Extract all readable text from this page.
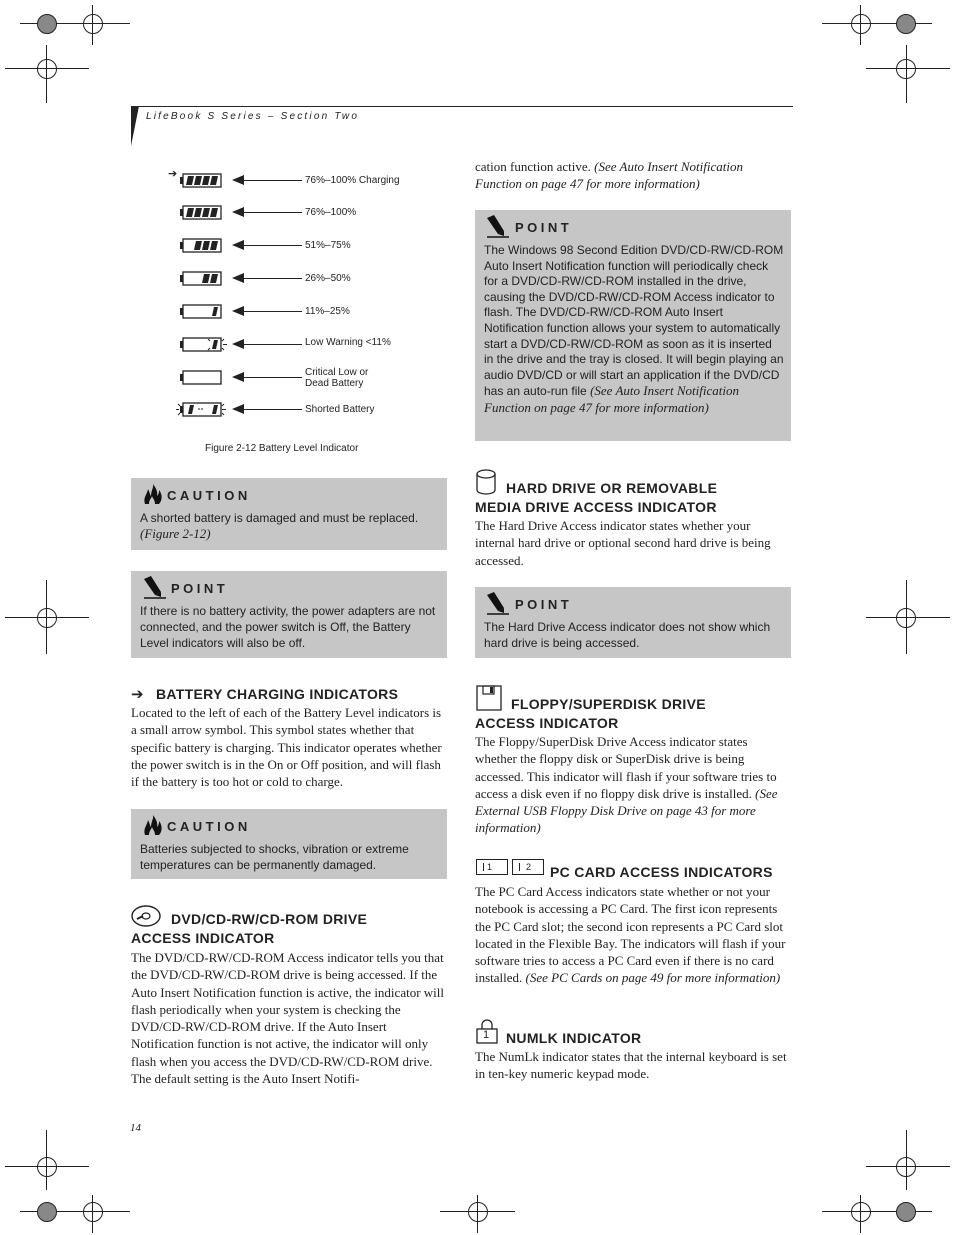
LifeBook S Series – Section Two
➔
76%–100% Charging
76%–100%
51%–75%
26%–50%
11%–25%
Low Warning <11%
Critical Low or
Dead Battery
Shorted Battery
Figure 2-12 Battery Level Indicator
CAUTION
A shorted battery is damaged and must be replaced.
(Figure 2-12)
POINT
If there is no battery activity, the power adapters are not connected, and the power switch is Off, the Battery Level indicators will also be off.
➔ BATTERY CHARGING INDICATORS
Located to the left of each of the Battery Level indicators is a small arrow symbol. This symbol states whether that specific battery is charging. This indicator operates whether the power switch is in the On or Off position, and will flash if the battery is too hot or cold to charge.
CAUTION
Batteries subjected to shocks, vibration or extreme temperatures can be permanently damaged.
DVD/CD-RW/CD-ROM DRIVE
ACCESS INDICATOR
The DVD/CD-RW/CD-ROM Access indicator tells you that the DVD/CD-RW/CD-ROM drive is being accessed. If the Auto Insert Notification function is active, the indicator will flash periodically when your system is checking the DVD/CD-RW/CD-ROM drive. If the Auto Insert Notification function is not active, the indicator will only flash when you access the DVD/CD-RW/CD-ROM drive. The default setting is the Auto Insert Notifi-
cation function active. (See Auto Insert Notification Function on page 47 for more information)
POINT
The Windows 98 Second Edition DVD/CD-RW/CD-ROM Auto Insert Notification function will periodically check for a DVD/CD-RW/CD-ROM installed in the drive, causing the DVD/CD-RW/CD-ROM Access indicator to flash. The DVD/CD-RW/CD-ROM Auto Insert Notification function allows your system to automatically start a DVD/CD-RW/CD-ROM as soon as it is inserted in the drive and the tray is closed. It will begin playing an audio DVD/CD or will start an application if the DVD/CD has an auto-run file (See Auto Insert Notification Function on page 47 for more information)
HARD DRIVE OR REMOVABLE
MEDIA DRIVE ACCESS INDICATOR
The Hard Drive Access indicator states whether your internal hard drive or optional second hard drive is being accessed.
POINT
The Hard Drive Access indicator does not show which hard drive is being accessed.
FLOPPY/SUPERDISK DRIVE
ACCESS INDICATOR
The Floppy/SuperDisk Drive Access indicator states whether the floppy disk or SuperDisk drive is being accessed. This indicator will flash if your software tries to access a disk even if no floppy disk drive is installed. (See External USB Floppy Disk Drive on page 43 for more information)
1	2	PC CARD ACCESS INDICATORS
The PC Card Access indicators state whether or not your notebook is accessing a PC Card. The first icon represents the PC Card slot; the second icon represents a PC Card slot located in the Flexible Bay. The indicators will flash if your software tries to access a PC Card even if there is no card installed. (See PC Cards on page 49 for more information)
1 NUMLK INDICATOR
The NumLk indicator states that the internal keyboard is set in ten-key numeric keypad mode.
14
